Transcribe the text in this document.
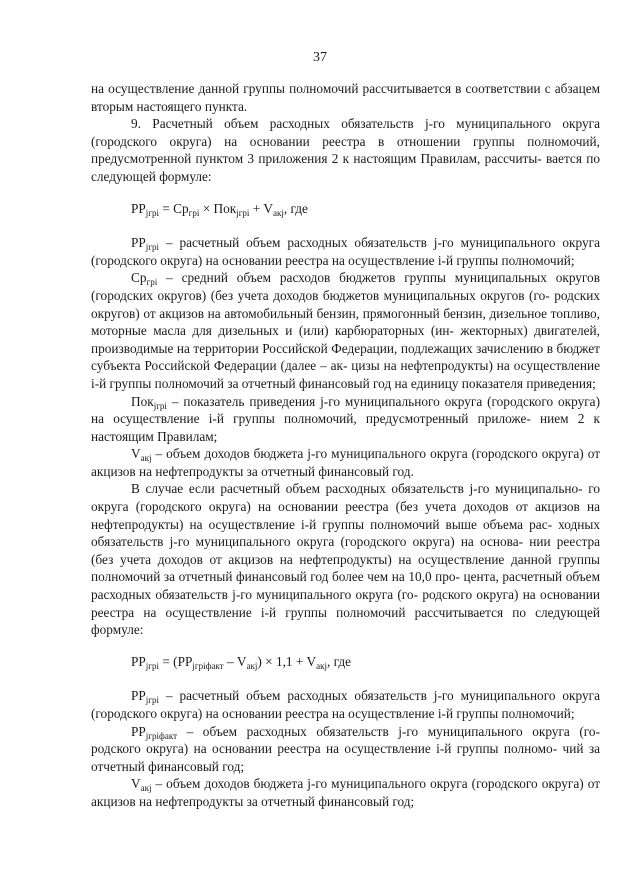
37

на осуществление данной группы полномочий рассчитывается в соответствии с абзацем вторым настоящего пункта.

9. Расчетный объем расходных обязательств j-го муниципального округа (городского округа) на основании реестра в отношении группы полномочий, предусмотренной пунктом 3 приложения 2 к настоящим Правилам, рассчиты- вается по следующей формуле:

$РР_{jгрi} = Ср_{грi} \times Пок_{jгрi} + V_{акj}$, где

$РР_{jгрi}$ – расчетный объем расходных обязательств j-го муниципального округа (городского округа) на основании реестра на осуществление i-й группы полномочий;

$Ср_{грi}$ – средний объем расходов бюджетов группы муниципальных округов (городских округов) (без учета доходов бюджетов муниципальных округов (го- родских округов) от акцизов на автомобильный бензин, прямогонный бензин, дизельное топливо, моторные масла для дизельных и (или) карбюраторных (ин- жекторных) двигателей, производимые на территории Российской Федерации, подлежащих зачислению в бюджет субъекта Российской Федерации (далее – ак- цизы на нефтепродукты) на осуществление i-й группы полномочий за отчетный финансовый год на единицу показателя приведения;

Пок$_{jгрi}$ – показатель приведения j-го муниципального округа (городского округа) на осуществление i-й группы полномочий, предусмотренный приложе- нием 2 к настоящим Правилам;

$V_{акj}$ – объем доходов бюджета j-го муниципального округа (городского округа) от акцизов на нефтепродукты за отчетный финансовый год.

В случае если расчетный объем расходных обязательств j-го муниципально- го округа (городского округа) на основании реестра (без учета доходов от акцизов на нефтепродукты) на осуществление i-й группы полномочий выше объема рас- ходных обязательств j-го муниципального округа (городского округа) на основа- нии реестра (без учета доходов от акцизов на нефтепродукты) на осуществление данной группы полномочий за отчетный финансовый год более чем на 10,0 про- цента, расчетный объем расходных обязательств j-го муниципального округа (го- родского округа) на основании реестра на осуществление i-й группы полномочий рассчитывается по следующей формуле:

$РР_{jгрi} = (РР_{jгрiфакт} - V_{акj}) \times 1,1 + V_{акj}$, где

$РР_{jгрi}$ – расчетный объем расходных обязательств j-го муниципального округа (городского округа) на основании реестра на осуществление i-й группы полномочий;

$РР_{jгрiфакт}$ – объем расходных обязательств j-го муниципального округа (го- родского округа) на основании реестра на осуществление i-й группы полномо- чий за отчетный финансовый год;

$V_{акj}$ – объем доходов бюджета j-го муниципального округа (городского округа) от акцизов на нефтепродукты за отчетный финансовый год;
